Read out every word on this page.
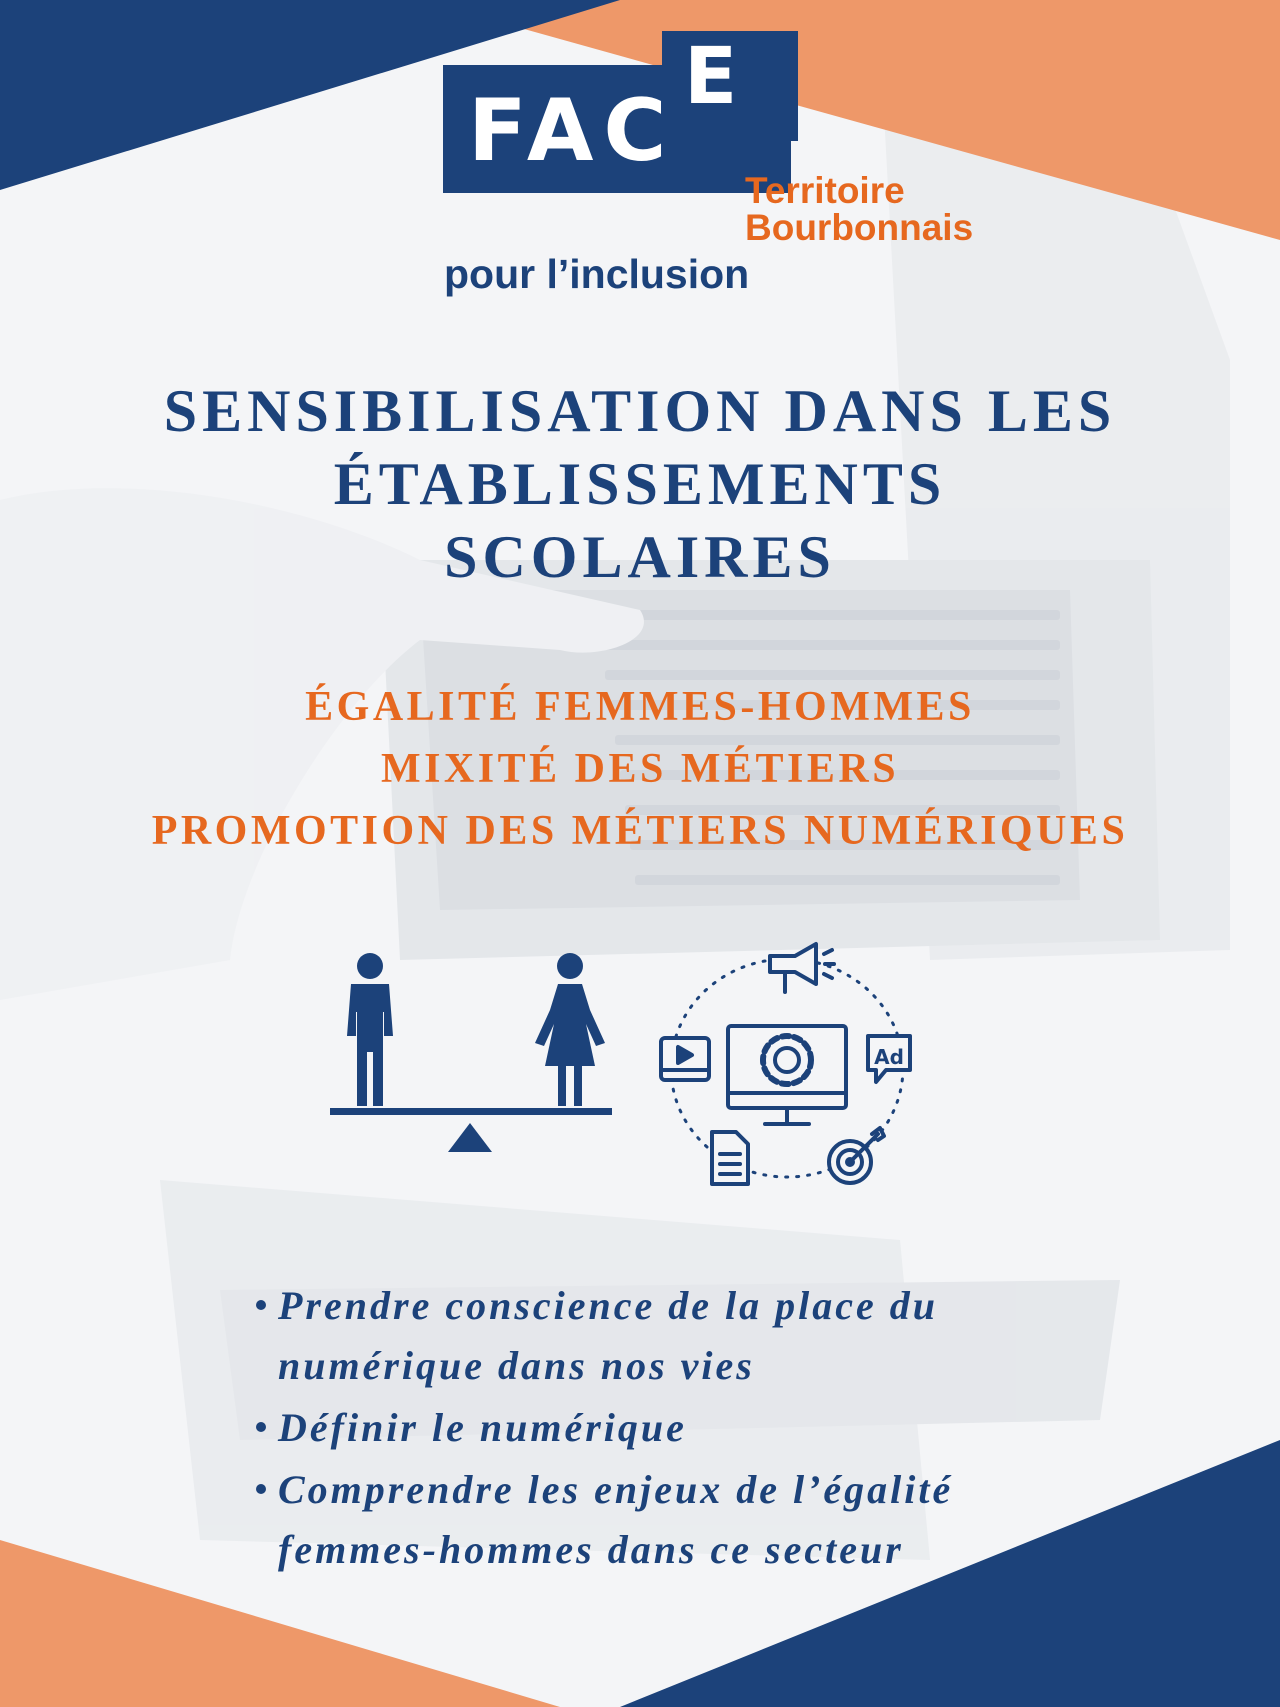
FAC
E
Territoire
Bourbonnais
pour l’inclusion
SENSIBILISATION DANS LES
ÉTABLISSEMENTS
SCOLAIRES
ÉGALITÉ FEMMES-HOMMES
MIXITÉ DES MÉTIERS
PROMOTION DES MÉTIERS NUMÉRIQUES
Ad
Prendre conscience de la place du
numérique dans nos vies
Définir le numérique
Comprendre les enjeux de l’égalité
femmes-hommes dans ce secteur
